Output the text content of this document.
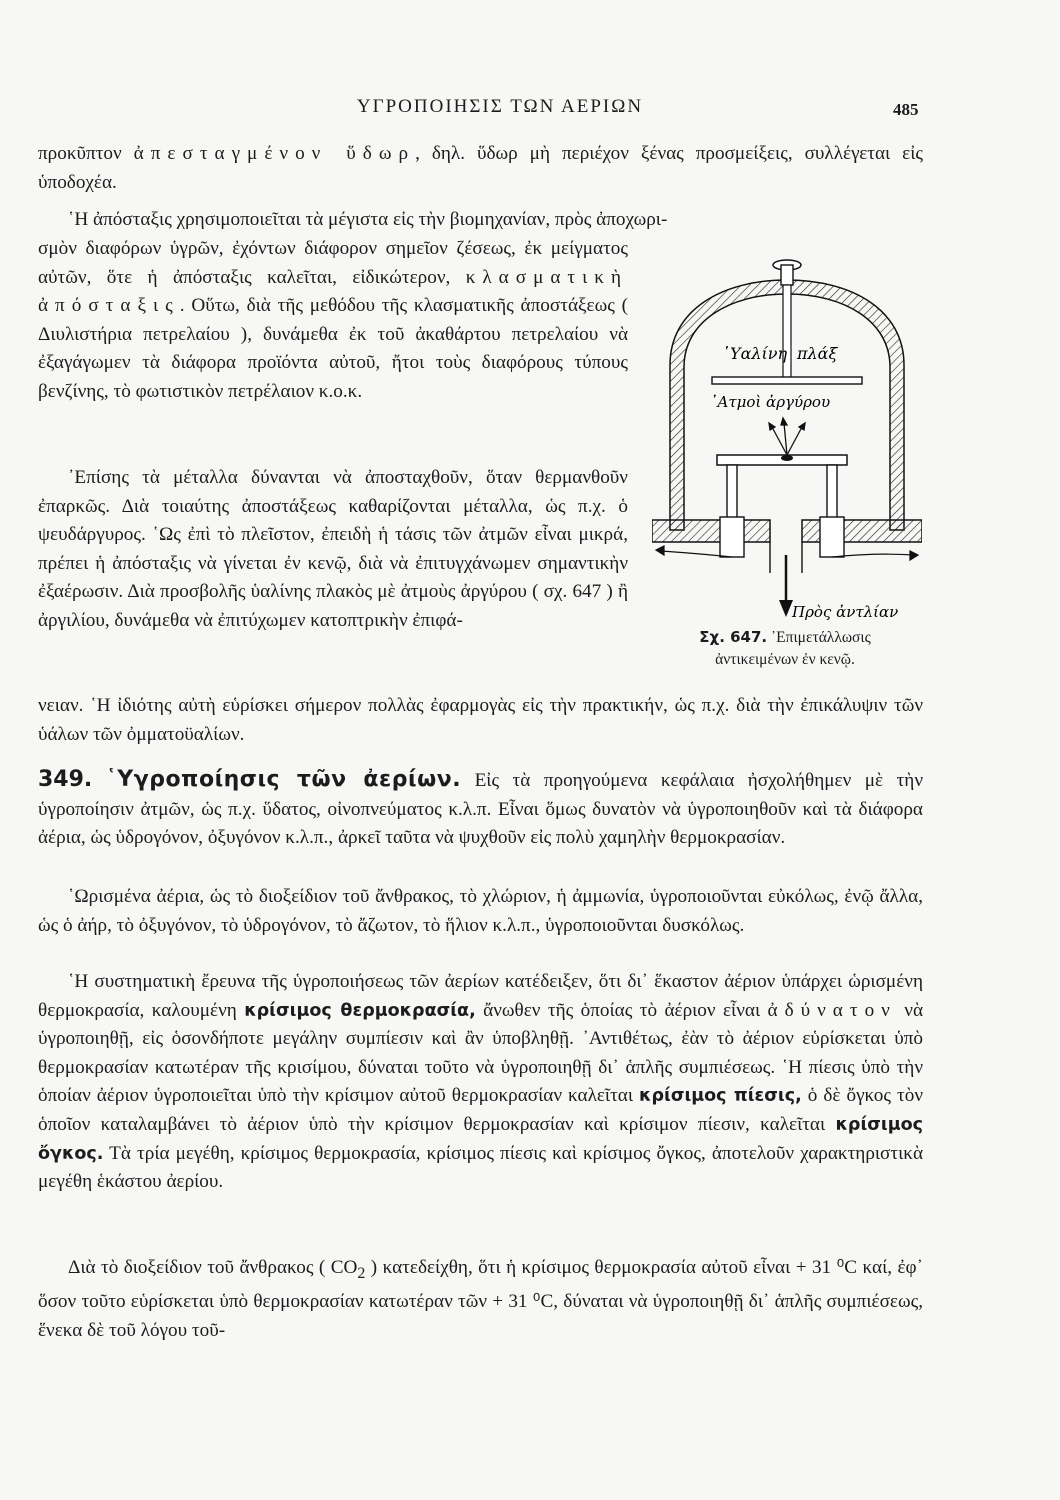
ΥΓΡΟΠΟΙΗΣΙΣ ΤΩΝ ΑΕΡΙΩΝ	485

προκῦπτον ἀπεσταγμένον ὕδωρ, δηλ. ὕδωρ μὴ περιέχον ξένας προσμείξεις, συλλέγεται εἰς ὑποδοχέα.

῾Η ἀπόσταξις χρησιμοποιεῖται τὰ μέγιστα εἰς τὴν βιομηχανίαν, πρὸς ἀποχωρι-

σμὸν διαφόρων ὑγρῶν, ἐχόντων διάφορον σημεῖον ζέσεως, ἐκ μείγματος αὐτῶν, ὅτε ἡ ἀπόσταξις καλεῖται, εἰδικώτερον, κλασματικὴ ἀπόσταξις. Οὕτω, διὰ τῆς μεθόδου τῆς κλασματικῆς ἀποστάξεως ( Διυλιστήρια πετρελαίου ), δυνάμεθα ἐκ τοῦ ἀκαθάρτου πετρελαίου νὰ ἐξαγάγωμεν τὰ διάφορα προϊόντα αὐτοῦ, ἤτοι τοὺς διαφόρους τύπους βενζίνης, τὸ φωτιστικὸν πετρέλαιον κ.ο.κ.

᾿Επίσης τὰ μέταλλα δύνανται νὰ ἀποσταχθοῦν, ὅταν θερμανθοῦν ἐπαρκῶς. Διὰ τοιαύτης ἀποστάξεως καθαρίζονται μέταλλα, ὡς π.χ. ὁ ψευδάργυρος. ῾Ως ἐπὶ τὸ πλεῖστον, ἐπειδὴ ἡ τάσις τῶν ἀτμῶν εἶναι μικρά, πρέπει ἡ ἀπόσταξις νὰ γίνεται ἐν κενῷ, διὰ νὰ ἐπιτυγχάνωμεν σημαντικὴν ἐξαέρωσιν. Διὰ προσβολῆς ὑαλίνης πλακὸς μὲ ἀτμοὺς ἀργύρου ( σχ. 647 ) ἢ ἀργιλίου, δυνάμεθα νὰ ἐπιτύχωμεν κατοπτρικὴν ἐπιφά-

νειαν. ῾Η ἰδιότης αὐτὴ εὑρίσκει σήμερον πολλὰς ἐφαρμογὰς εἰς τὴν πρακτικήν, ὡς π.χ. διὰ τὴν ἐπικάλυψιν τῶν ὑάλων τῶν ὀμματοϋαλίων.

῾Υαλίνη πλάξ
᾿Ατμοὶ ἀργύρου
Πρὸς ἀντλίαν

Σχ. 647. ᾿Επιμετάλλωσις
ἀντικειμένων ἐν κενῷ.

349. ῾Υγροποίησις τῶν ἀερίων. Εἰς τὰ προηγούμενα κεφάλαια ἠσχολήθημεν μὲ τὴν ὑγροποίησιν ἀτμῶν, ὡς π.χ. ὕδατος, οἰνοπνεύματος κ.λ.π. Εἶναι ὅμως δυνατὸν νὰ ὑγροποιηθοῦν καὶ τὰ διάφορα ἀέρια, ὡς ὑδρογόνον, ὀξυγόνον κ.λ.π., ἀρκεῖ ταῦτα νὰ ψυχθοῦν εἰς πολὺ χαμηλὴν θερμοκρασίαν.

῾Ωρισμένα ἀέρια, ὡς τὸ διοξείδιον τοῦ ἄνθρακος, τὸ χλώριον, ἡ ἀμμωνία, ὑγροποιοῦνται εὐκόλως, ἐνῷ ἄλλα, ὡς ὁ ἀήρ, τὸ ὀξυγόνον, τὸ ὑδρογόνον, τὸ ἄζωτον, τὸ ἥλιον κ.λ.π., ὑγροποιοῦνται δυσκόλως.

῾Η συστηματικὴ ἔρευνα τῆς ὑγροποιήσεως τῶν ἀερίων κατέδειξεν, ὅτι δι᾿ ἕκαστον ἀέριον ὑπάρχει ὡρισμένη θερμοκρασία, καλουμένη κρίσιμος θερμοκρασία, ἄνωθεν τῆς ὁποίας τὸ ἀέριον εἶναι ἀδύνατον νὰ ὑγροποιηθῇ, εἰς ὁσονδήποτε μεγάλην συμπίεσιν καὶ ἂν ὑποβληθῇ. ᾿Αντιθέτως, ἐὰν τὸ ἀέριον εὑρίσκεται ὑπὸ θερμοκρασίαν κατωτέραν τῆς κρισίμου, δύναται τοῦτο νὰ ὑγροποιηθῇ δι᾿ ἁπλῆς συμπιέσεως. ῾Η πίεσις ὑπὸ τὴν ὁποίαν ἀέριον ὑγροποιεῖται ὑπὸ τὴν κρίσιμον αὐτοῦ θερμοκρασίαν καλεῖται κρίσιμος πίεσις, ὁ δὲ ὄγκος τὸν ὁποῖον καταλαμβάνει τὸ ἀέριον ὑπὸ τὴν κρίσιμον θερμοκρασίαν καὶ κρίσιμον πίεσιν, καλεῖται κρίσιμος ὄγκος. Τὰ τρία μεγέθη, κρίσιμος θερμοκρασία, κρίσιμος πίεσις καὶ κρίσιμος ὄγκος, ἀποτελοῦν χαρακτηριστικὰ μεγέθη ἑκάστου ἀερίου.

Διὰ τὸ διοξείδιον τοῦ ἄνθρακος ( $CO_2$ ) κατεδείχθη, ὅτι ἡ κρίσιμος θερμοκρασία αὐτοῦ εἶναι + 31 ⁰C καί, ἐφ᾿ ὅσον τοῦτο εὑρίσκεται ὑπὸ θερμοκρασίαν κατωτέραν τῶν + 31 ⁰C, δύναται νὰ ὑγροποιηθῇ δι᾿ ἁπλῆς συμπιέσεως, ἕνεκα δὲ τοῦ λόγου τοῦ-
